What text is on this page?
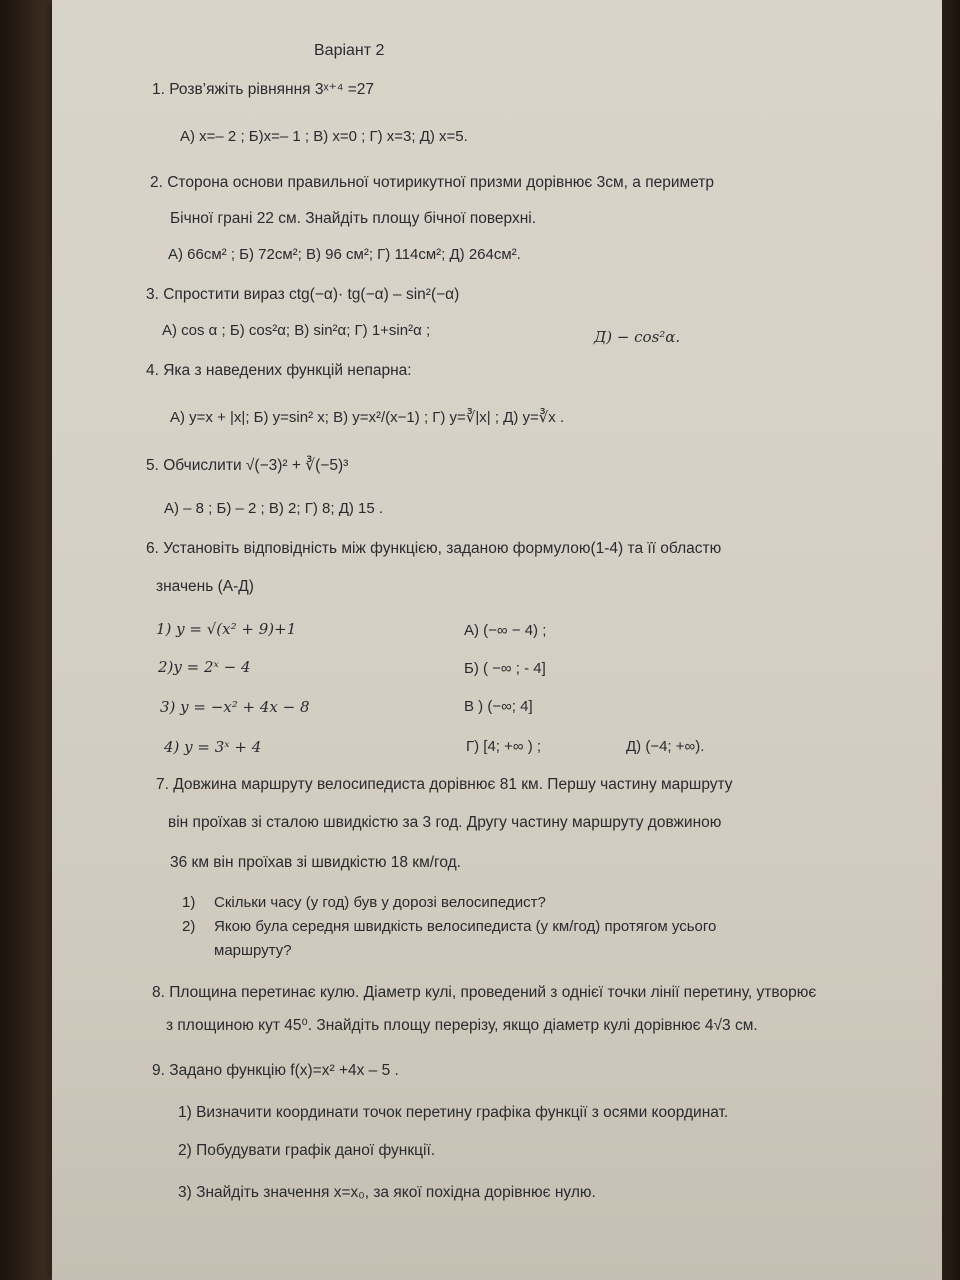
Варіант 2
1. Розв’яжіть рівняння 3ˣ⁺⁴ =27
А) х=– 2 ; Б)х=– 1 ; В) х=0 ; Г) х=3; Д) х=5.
2. Сторона основи правильної чотирикутної призми дорівнює 3см, а периметр
Бічної грані 22 см. Знайдіть площу бічної поверхні.
А) 66см² ; Б) 72см²; В) 96 см²; Г) 114см²; Д) 264см².
3. Спростити вираз ctg(−α)· tg(−α) – sin²(−α)
А) cos α ; Б) cos²α; В) sin²α; Г) 1+sin²α ;	Д) − cos²α.
4. Яка з наведених функцій непарна:
А) y=x + |x|; Б) y=sin² x; В) y=x²/(x−1) ; Г) y=∛|x| ; Д) y=∛x .
5. Обчислити √(−3)² + ∛(−5)³
А) – 8 ; Б) – 2 ; В) 2; Г) 8; Д) 15 .
6. Установіть відповідність між функцією, заданою формулою(1-4) та її областю
значень (А-Д)
1) y = √(x² + 9)+1
2)y = 2ˣ − 4
3) y = −x² + 4x − 8
4) y = 3ˣ + 4
А) (−∞ − 4) ;
Б) ( −∞ ; - 4]
В ) (−∞; 4]
Г) [4; +∞ ) ;	Д) (−4; +∞).
7. Довжина маршруту велосипедиста дорівнює 81 км. Першу частину маршруту
він проїхав зі сталою швидкістю за 3 год. Другу частину маршруту довжиною
36 км він проїхав зі швидкістю 18 км/год.
1) Скільки часу (у год) був у дорозі велосипедист?
2) Якою була середня швидкість велосипедиста (у км/год) протягом усього
маршруту?
8. Площина перетинає кулю. Діаметр кулі, проведений з однієї точки лінії перетину, утворює
з площиною кут 45⁰. Знайдіть площу перерізу, якщо діаметр кулі дорівнює 4√3 см.
9. Задано функцію f(x)=x² +4x – 5 .
1) Визначити координати точок перетину графіка функції з осями координат.
2) Побудувати графік даної функції.
3) Знайдіть значення х=х₀, за якої похідна дорівнює нулю.
